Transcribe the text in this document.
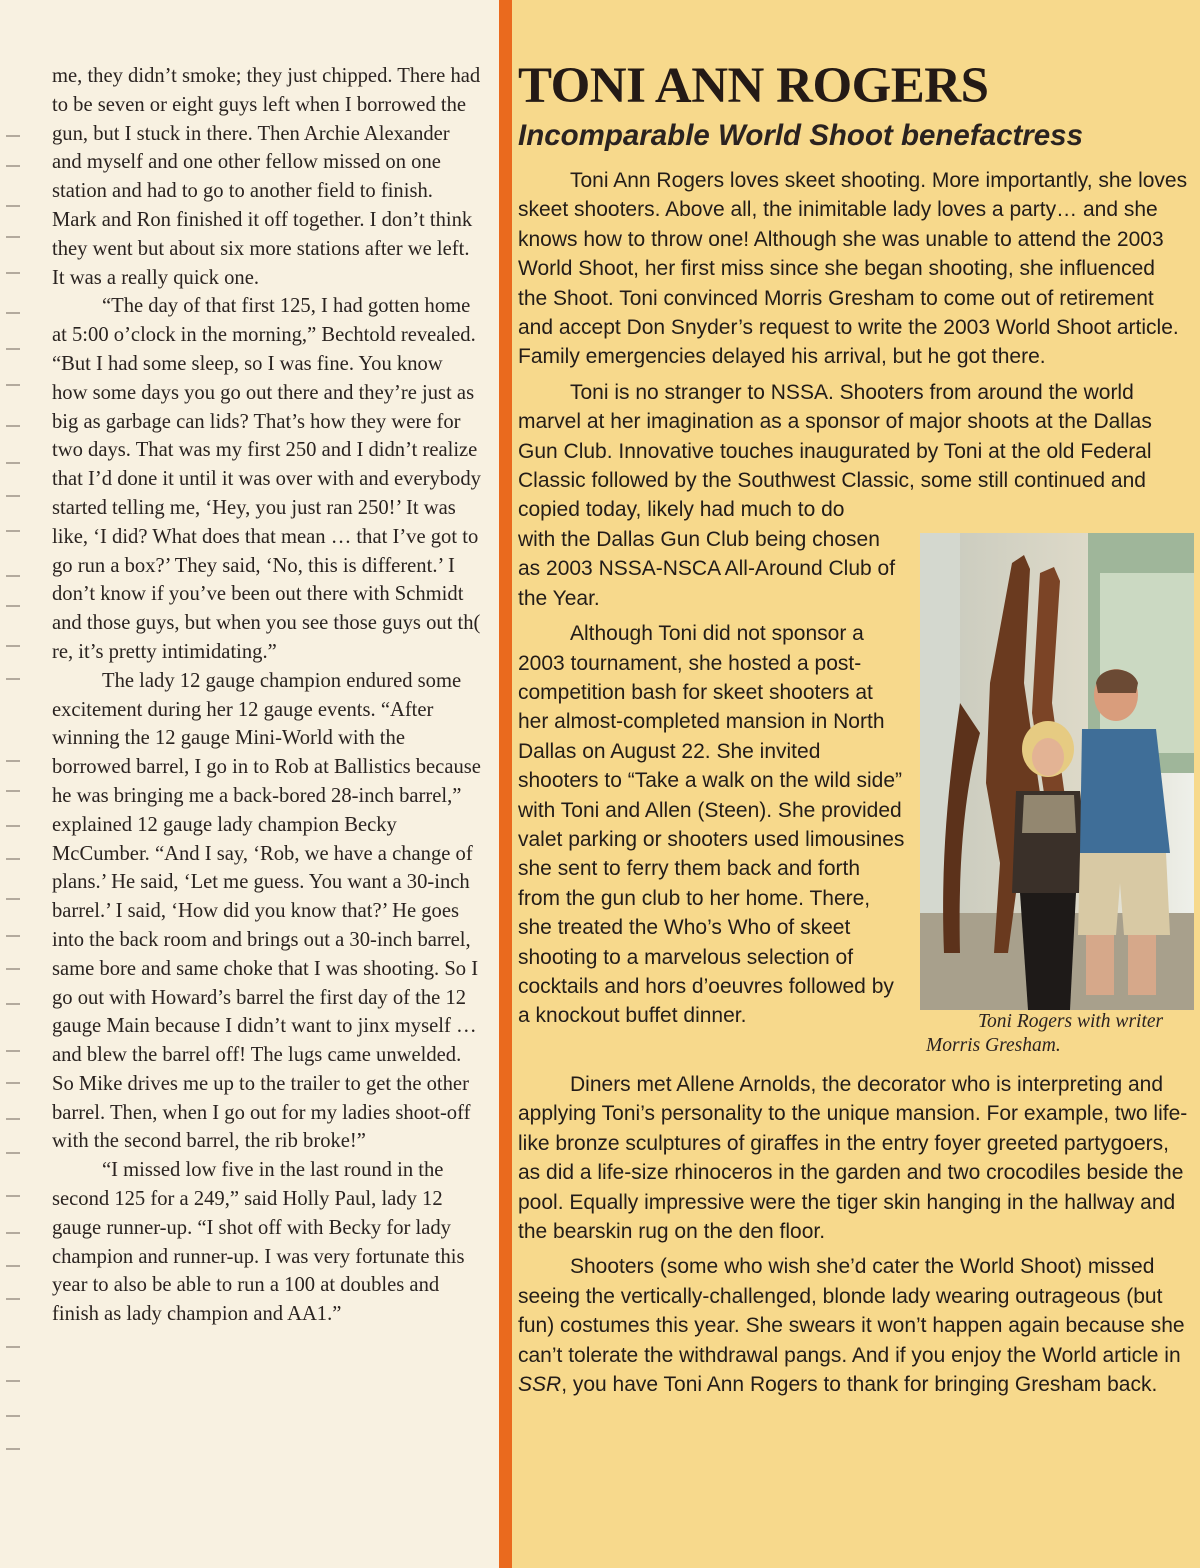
me, they didn’t smoke; they just chipped. There had to be seven or eight guys left when I borrowed the gun, but I stuck in there. Then Archie Alexander and myself and one other fellow missed on one station and had to go to another field to finish. Mark and Ron finished it off together. I don’t think they went but about six more stations after we left. It was a really quick one.

“The day of that first 125, I had gotten home at 5:00 o’clock in the morning,” Bechtold revealed. “But I had some sleep, so I was fine. You know how some days you go out there and they’re just as big as garbage can lids? That’s how they were for two days. That was my first 250 and I didn’t realize that I’d done it until it was over with and everybody started telling me, ‘Hey, you just ran 250!’ It was like, ‘I did? What does that mean … that I’ve got to go run a box?’ They said, ‘No, this is different.’ I don’t know if you’ve been out there with Schmidt and those guys, but when you see those guys out th( re, it’s pretty intimidating.”

The lady 12 gauge champion endured some excitement during her 12 gauge events. “After winning the 12 gauge Mini-World with the borrowed barrel, I go in to Rob at Ballistics because he was bringing me a back-bored 28-inch barrel,” explained 12 gauge lady champion Becky McCumber. “And I say, ‘Rob, we have a change of plans.’ He said, ‘Let me guess. You want a 30-inch barrel.’ I said, ‘How did you know that?’ He goes into the back room and brings out a 30-inch barrel, same bore and same choke that I was shooting. So I go out with Howard’s barrel the first day of the 12 gauge Main because I didn’t want to jinx myself … and blew the barrel off! The lugs came unwelded. So Mike drives me up to the trailer to get the other barrel. Then, when I go out for my ladies shoot-off with the second barrel, the rib broke!”

“I missed low five in the last round in the second 125 for a 249,” said Holly Paul, lady 12 gauge runner-up. “I shot off with Becky for lady champion and runner-up. I was very fortunate this year to also be able to run a 100 at doubles and finish as lady champion and AA1.”

TONI ANN ROGERS
Incomparable World Shoot benefactress

Toni Ann Rogers loves skeet shooting. More importantly, she loves skeet shooters. Above all, the inimitable lady loves a party… and she knows how to throw one! Although she was unable to attend the 2003 World Shoot, her first miss since she began shooting, she influenced the Shoot. Toni convinced Morris Gresham to come out of retirement and accept Don Snyder’s request to write the 2003 World Shoot article. Family emergencies delayed his arrival, but he got there.

Toni is no stranger to NSSA. Shooters from around the world marvel at her imagination as a sponsor of major shoots at the Dallas Gun Club. Innovative touches inaugurated by Toni at the old Federal Classic followed by the Southwest Classic, some still continued and copied today, likely had much to do

Toni Rogers with writer Morris Gresham.

with the Dallas Gun Club being chosen as 2003 NSSA-NSCA All-Around Club of the Year.

Although Toni did not sponsor a 2003 tournament, she hosted a post-competition bash for skeet shooters at her almost-completed mansion in North Dallas on August 22. She invited shooters to “Take a walk on the wild side” with Toni and Allen (Steen). She provided valet parking or shooters used limousines she sent to ferry them back and forth from the gun club to her home. There, she treated the Who’s Who of skeet shooting to a marvelous selection of cocktails and hors d’oeuvres followed by a knockout buffet dinner.

Diners met Allene Arnolds, the decorator who is interpreting and applying Toni’s personality to the unique mansion. For example, two life-like bronze sculptures of giraffes in the entry foyer greeted partygoers, as did a life-size rhinoceros in the garden and two crocodiles beside the pool. Equally impressive were the tiger skin hanging in the hallway and the bearskin rug on the den floor.

Shooters (some who wish she’d cater the World Shoot) missed seeing the vertically-challenged, blonde lady wearing outrageous (but fun) costumes this year. She swears it won’t happen again because she can’t tolerate the withdrawal pangs. And if you enjoy the World article in SSR, you have Toni Ann Rogers to thank for bringing Gresham back.
